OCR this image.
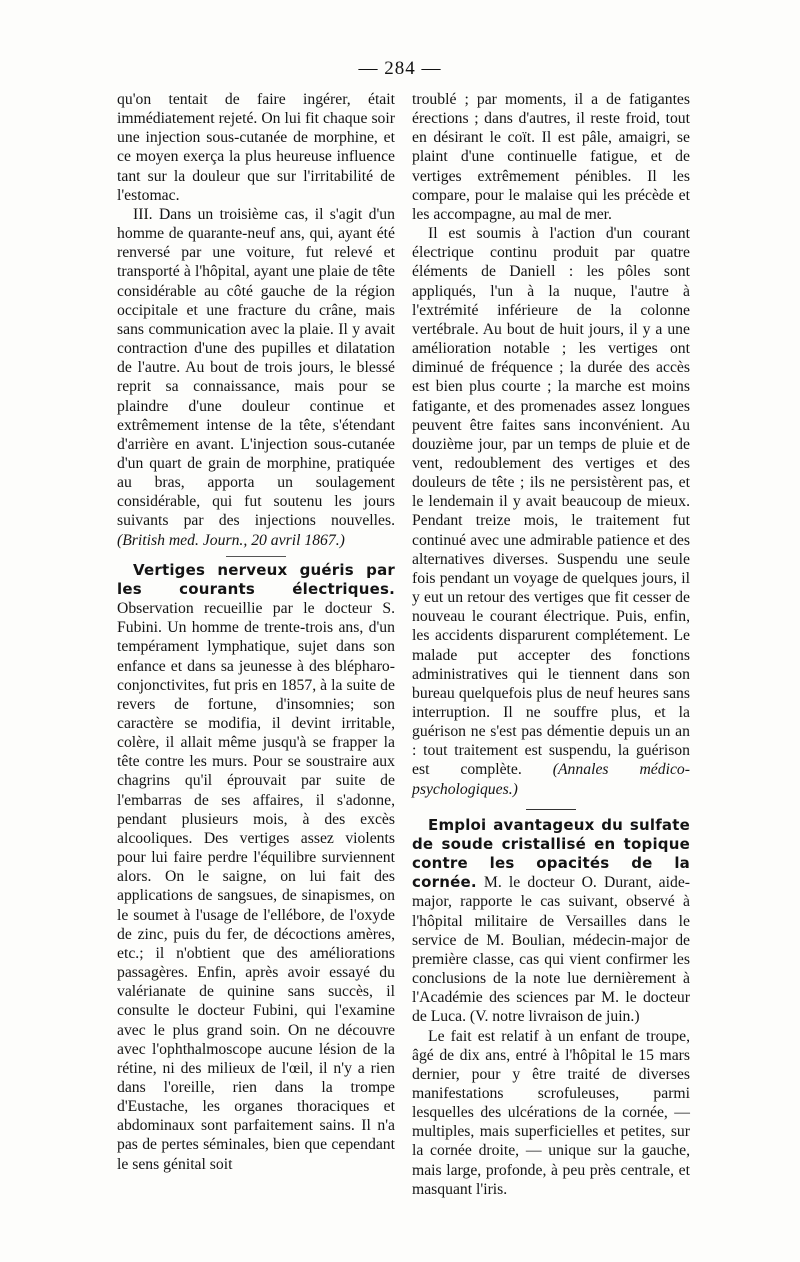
— 284 —

qu'on tentait de faire ingérer, était immédiatement rejeté. On lui fit chaque soir une injection sous-cutanée de morphine, et ce moyen exerça la plus heureuse influence tant sur la douleur que sur l'irritabilité de l'estomac.

III. Dans un troisième cas, il s'agit d'un homme de quarante-neuf ans, qui, ayant été renversé par une voiture, fut relevé et transporté à l'hôpital, ayant une plaie de tête considérable au côté gauche de la région occipitale et une fracture du crâne, mais sans communication avec la plaie. Il y avait contraction d'une des pupilles et dilatation de l'autre. Au bout de trois jours, le blessé reprit sa connaissance, mais pour se plaindre d'une douleur continue et extrêmement intense de la tête, s'étendant d'arrière en avant. L'injection sous-cutanée d'un quart de grain de morphine, pratiquée au bras, apporta un soulagement considérable, qui fut soutenu les jours suivants par des injections nouvelles. (British med. Journ., 20 avril 1867.)

Vertiges nerveux guéris par les courants électriques. Observation recueillie par le docteur S. Fubini. Un homme de trente-trois ans, d'un tempérament lymphatique, sujet dans son enfance et dans sa jeunesse à des blépharo-conjonctivites, fut pris en 1857, à la suite de revers de fortune, d'insomnies; son caractère se modifia, il devint irritable, colère, il allait même jusqu'à se frapper la tête contre les murs. Pour se soustraire aux chagrins qu'il éprouvait par suite de l'embarras de ses affaires, il s'adonne, pendant plusieurs mois, à des excès alcooliques. Des vertiges assez violents pour lui faire perdre l'équilibre surviennent alors. On le saigne, on lui fait des applications de sangsues, de sinapismes, on le soumet à l'usage de l'ellébore, de l'oxyde de zinc, puis du fer, de décoctions amères, etc.; il n'obtient que des améliorations passagères. Enfin, après avoir essayé du valérianate de quinine sans succès, il consulte le docteur Fubini, qui l'examine avec le plus grand soin. On ne découvre avec l'ophthalmoscope aucune lésion de la rétine, ni des milieux de l'œil, il n'y a rien dans l'oreille, rien dans la trompe d'Eustache, les organes thoraciques et abdominaux sont parfaitement sains. Il n'a pas de pertes séminales, bien que cependant le sens génital soit

troublé ; par moments, il a de fatigantes érections ; dans d'autres, il reste froid, tout en désirant le coït. Il est pâle, amaigri, se plaint d'une continuelle fatigue, et de vertiges extrêmement pénibles. Il les compare, pour le malaise qui les précède et les accompagne, au mal de mer.

Il est soumis à l'action d'un courant électrique continu produit par quatre éléments de Daniell : les pôles sont appliqués, l'un à la nuque, l'autre à l'extrémité inférieure de la colonne vertébrale. Au bout de huit jours, il y a une amélioration notable ; les vertiges ont diminué de fréquence ; la durée des accès est bien plus courte ; la marche est moins fatigante, et des promenades assez longues peuvent être faites sans inconvénient. Au douzième jour, par un temps de pluie et de vent, redoublement des vertiges et des douleurs de tête ; ils ne persistèrent pas, et le lendemain il y avait beaucoup de mieux. Pendant treize mois, le traitement fut continué avec une admirable patience et des alternatives diverses. Suspendu une seule fois pendant un voyage de quelques jours, il y eut un retour des vertiges que fit cesser de nouveau le courant électrique. Puis, enfin, les accidents disparurent complétement. Le malade put accepter des fonctions administratives qui le tiennent dans son bureau quelquefois plus de neuf heures sans interruption. Il ne souffre plus, et la guérison ne s'est pas démentie depuis un an : tout traitement est suspendu, la guérison est complète. (Annales médico-psychologiques.)

Emploi avantageux du sulfate de soude cristallisé en topique contre les opacités de la cornée. M. le docteur O. Durant, aide-major, rapporte le cas suivant, observé à l'hôpital militaire de Versailles dans le service de M. Boulian, médecin-major de première classe, cas qui vient confirmer les conclusions de la note lue dernièrement à l'Académie des sciences par M. le docteur de Luca. (V. notre livraison de juin.)

Le fait est relatif à un enfant de troupe, âgé de dix ans, entré à l'hôpital le 15 mars dernier, pour y être traité de diverses manifestations scrofuleuses, parmi lesquelles des ulcérations de la cornée, — multiples, mais superficielles et petites, sur la cornée droite, — unique sur la gauche, mais large, profonde, à peu près centrale, et masquant l'iris.
